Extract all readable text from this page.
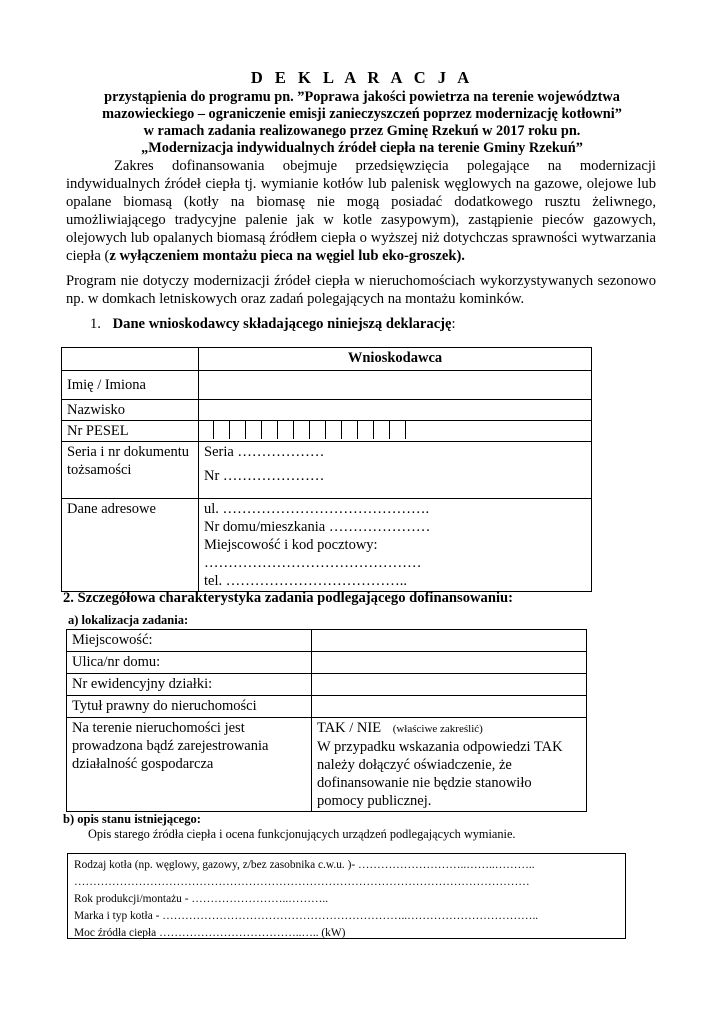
D E K L A R A C J A
przystąpienia do programu pn. ”Poprawa jakości powietrza na terenie województwa
mazowieckiego – ograniczenie emisji zanieczyszczeń poprzez modernizację kotłowni”
w ramach zadania realizowanego przez Gminę Rzekuń w 2017 roku pn.
„Modernizacja indywidualnych źródeł ciepła na terenie Gminy Rzekuń”
Zakres dofinansowania obejmuje przedsięwzięcia polegające na modernizacji indywidualnych źródeł ciepła tj. wymianie kotłów lub palenisk węglowych na gazowe, olejowe lub opalane biomasą (kotły na biomasę nie mogą posiadać dodatkowego rusztu żeliwnego, umożliwiającego tradycyjne palenie jak w kotle zasypowym), zastąpienie pieców gazowych, olejowych lub opalanych biomasą źródłem ciepła o wyższej niż dotychczas sprawności wytwarzania ciepła (z wyłączeniem montażu pieca na węgiel lub eko-groszek).
Program nie dotyczy modernizacji źródeł ciepła w nieruchomościach wykorzystywanych sezonowo np. w domkach letniskowych oraz zadań polegających na montażu kominków.
1. Dane wnioskodawcy składającego niniejszą deklarację:
	Wnioskodawca
Imię / Imiona	
Nazwisko	
Nr PESEL	

Seria i nr dokumentu tożsamości	Seria ………………
Nr …………………

Dane adresowe	ul. …………………………………….
Nr domu/mieszkania …………………
Miejscowość i kod pocztowy:
………………………………………
tel. ………………………………..
2. Szczegółowa charakterystyka zadania podlegającego dofinansowaniu:
a) lokalizacja zadania:
Miejscowość:	
Ulica/nr domu:	
Nr ewidencyjny działki:	
Tytuł prawny do nieruchomości	
Na terenie nieruchomości jest prowadzona bądź zarejestrowania działalność gospodarcza	TAK / NIE (właściwe zakreślić)
W przypadku wskazania odpowiedzi TAK należy dołączyć oświadczenie, że dofinansowanie nie będzie stanowiło pomocy publicznej.
b) opis stanu istniejącego:
Opis starego źródła ciepła i ocena funkcjonujących urządzeń podlegających wymianie.
Rodzaj kotła (np. węglowy, gazowy, z/bez zasobnika c.w.u. )- ………………………..……..………..
…………………………………………………………………………………………………………
Rok produkcji/montażu - ……………………..………..
Marka i typ kotła - ………………………………………………………..……………………………..
Moc źródła ciepła ………………………………..….. (kW)
